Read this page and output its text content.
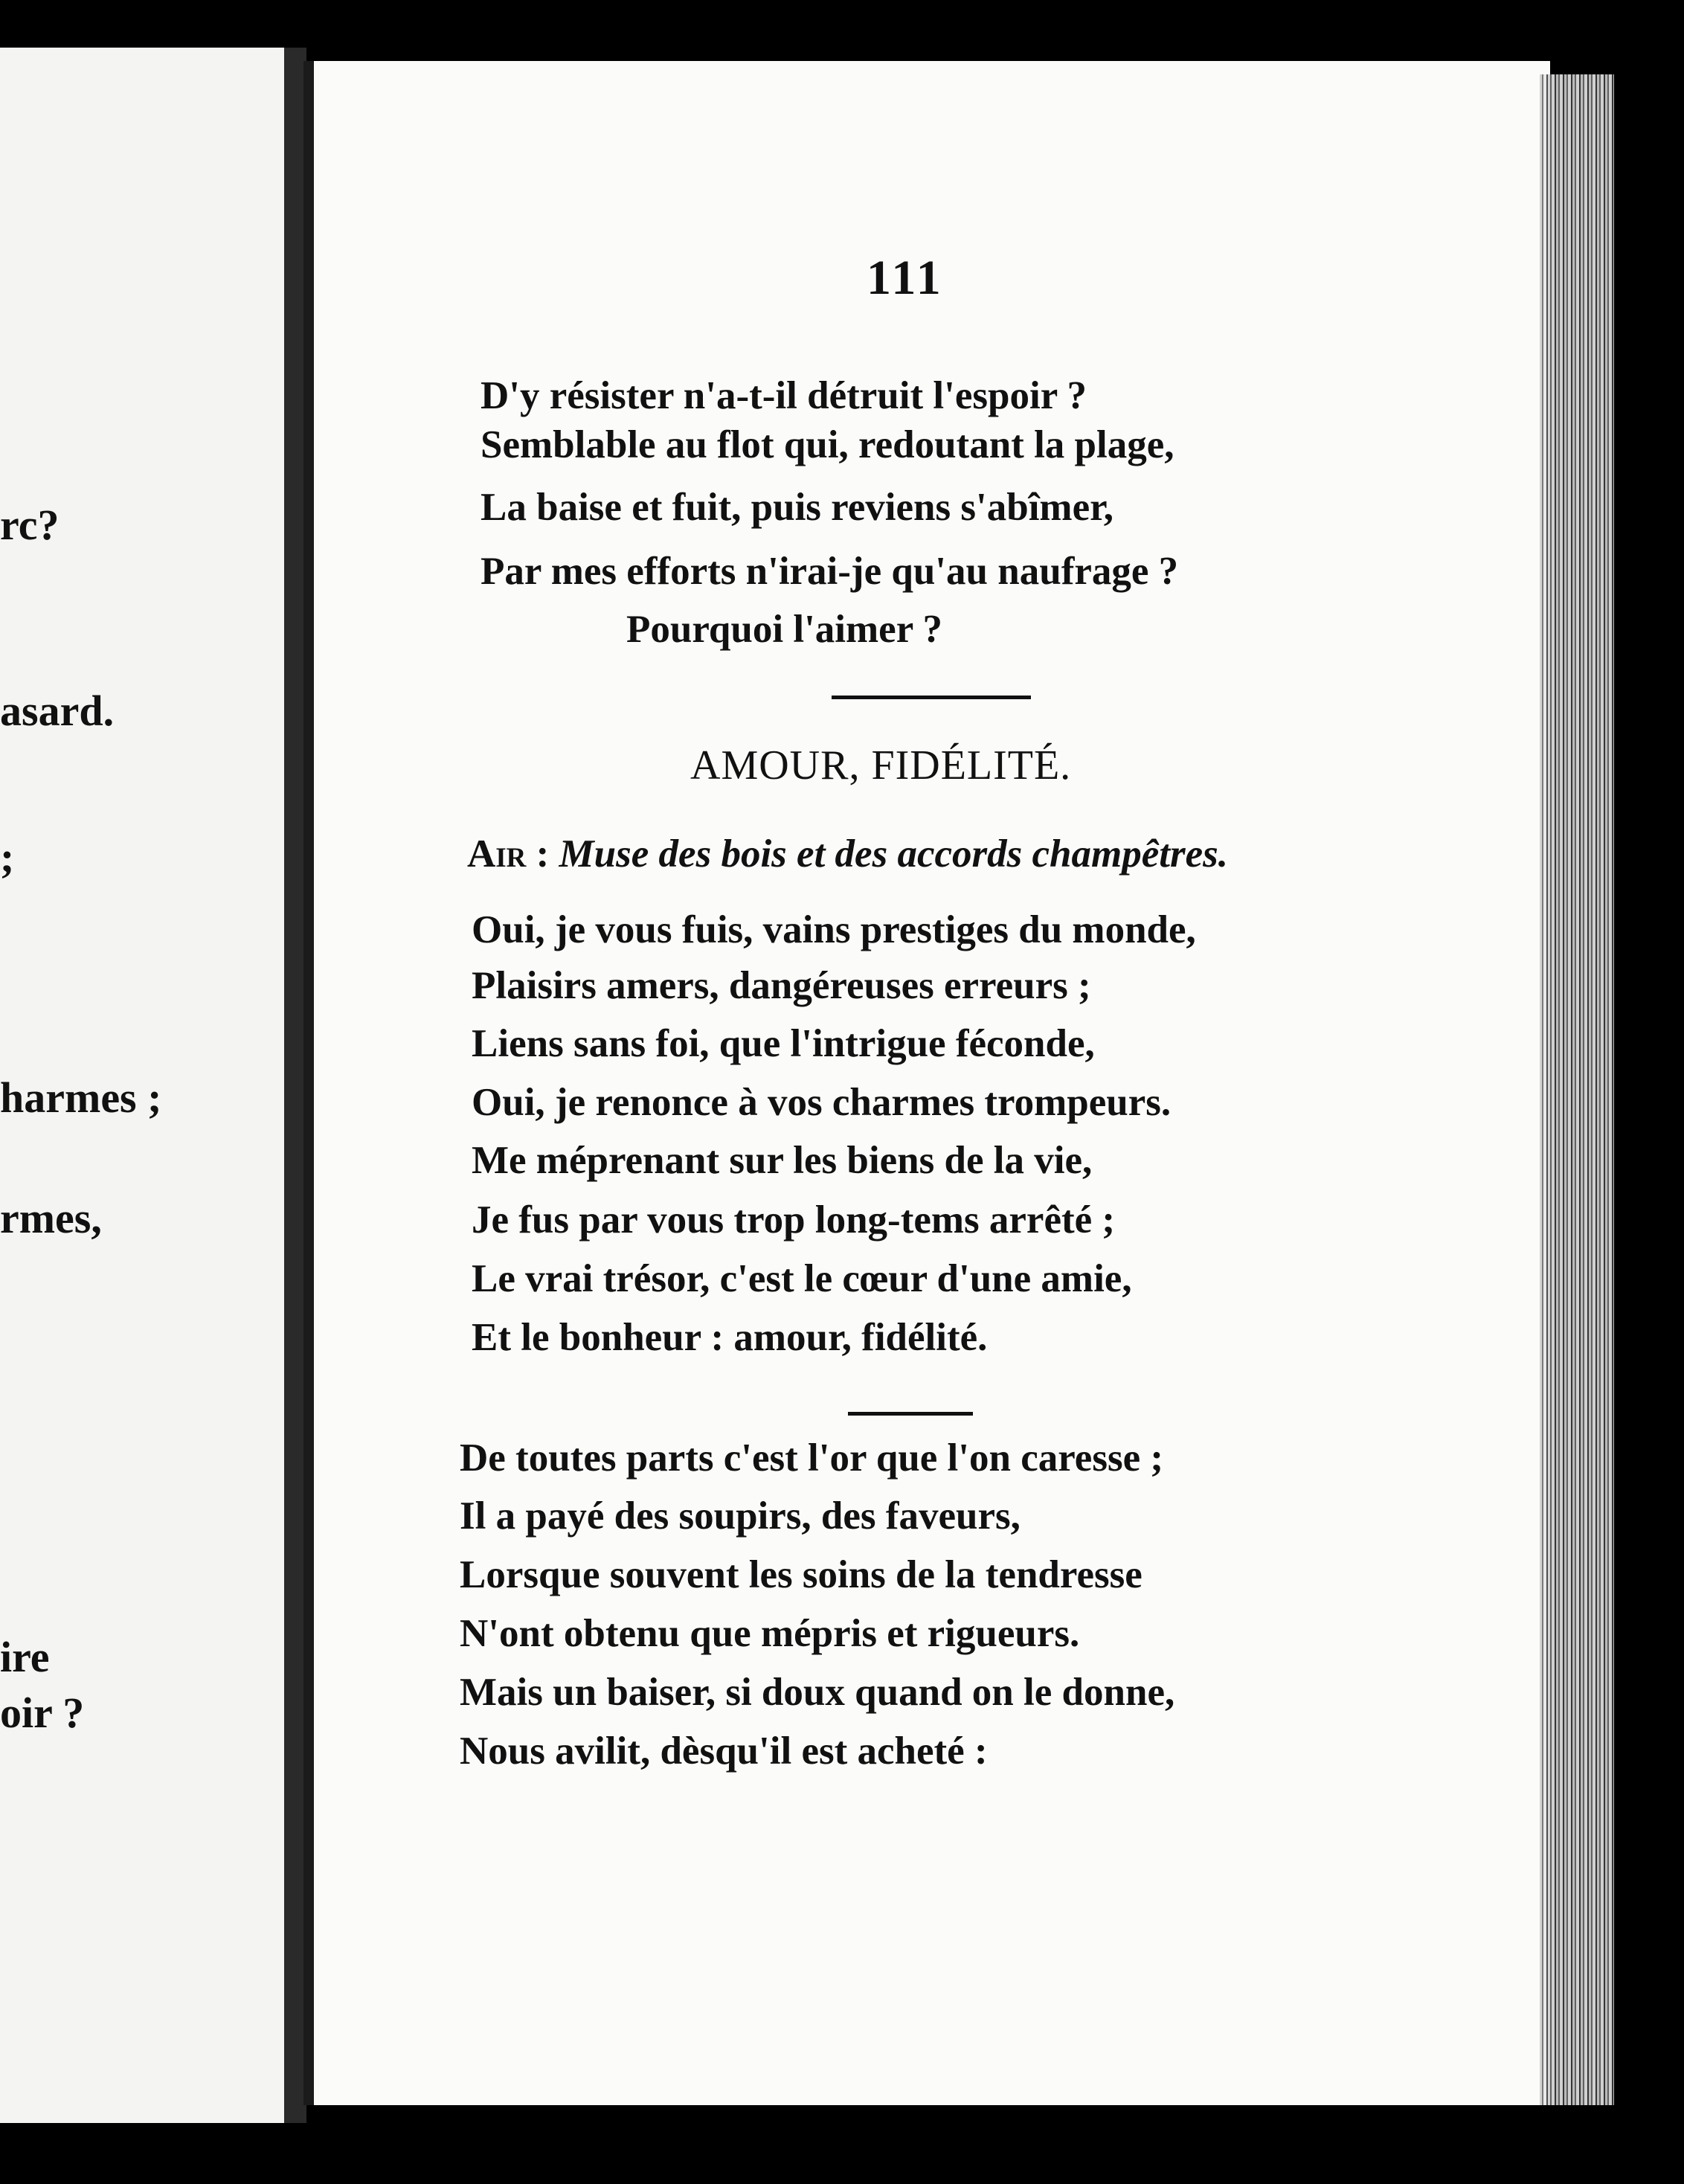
rc?
asard.
;
harmes ;
rmes,
ire
oir ?
111
D'y résister n'a-t-il détruit l'espoir ?
Semblable au flot qui, redoutant la plage,
La baise et fuit, puis reviens s'abîmer,
Par mes efforts n'irai-je qu'au naufrage ?
Pourquoi l'aimer ?
AMOUR, FIDÉLITÉ.
Air : Muse des bois et des accords champêtres.
Oui, je vous fuis, vains prestiges du monde,
Plaisirs amers, dangéreuses erreurs ;
Liens sans foi, que l'intrigue féconde,
Oui, je renonce à vos charmes trompeurs.
Me méprenant sur les biens de la vie,
Je fus par vous trop long-tems arrêté ;
Le vrai trésor, c'est le cœur d'une amie,
Et le bonheur : amour, fidélité.
De toutes parts c'est l'or que l'on caresse ;
Il a payé des soupirs, des faveurs,
Lorsque souvent les soins de la tendresse
N'ont obtenu que mépris et rigueurs.
Mais un baiser, si doux quand on le donne,
Nous avilit, dèsqu'il est acheté :
